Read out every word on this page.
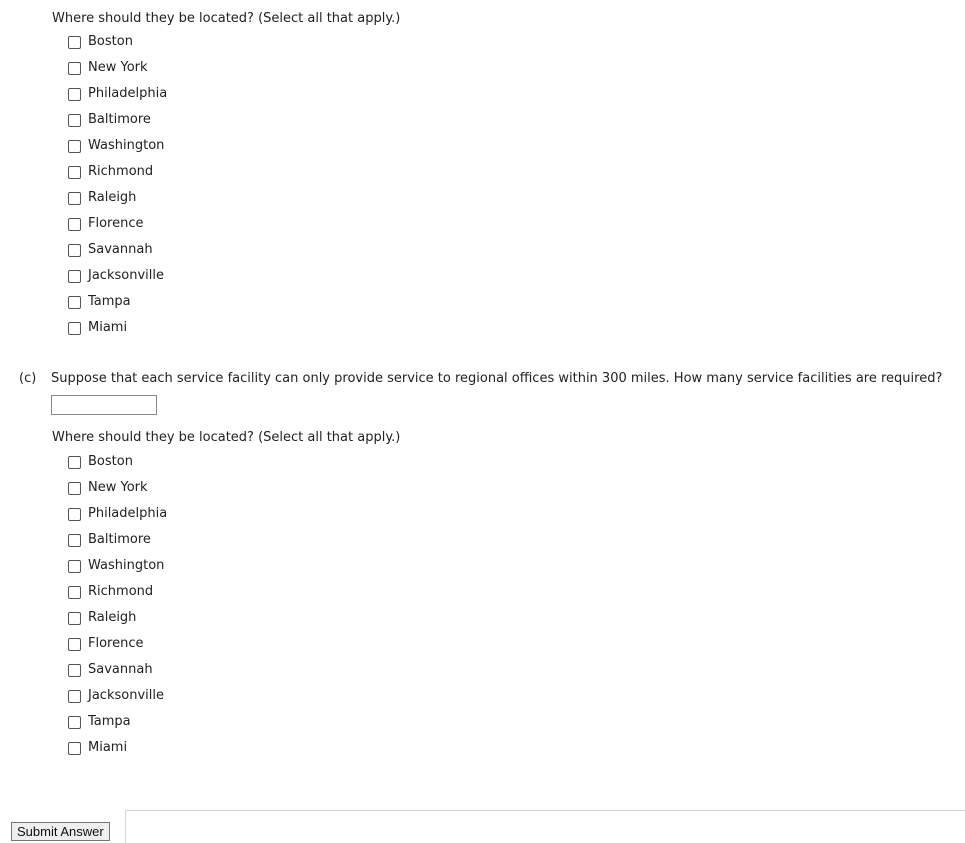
Where should they be located? (Select all that apply.)
Boston
New York
Philadelphia
Baltimore
Washington
Richmond
Raleigh
Florence
Savannah
Jacksonville
Tampa
Miami
(c)	Suppose that each service facility can only provide service to regional offices within 300 miles. How many service facilities are required?
Where should they be located? (Select all that apply.)
Boston
New York
Philadelphia
Baltimore
Washington
Richmond
Raleigh
Florence
Savannah
Jacksonville
Tampa
Miami
Submit Answer
